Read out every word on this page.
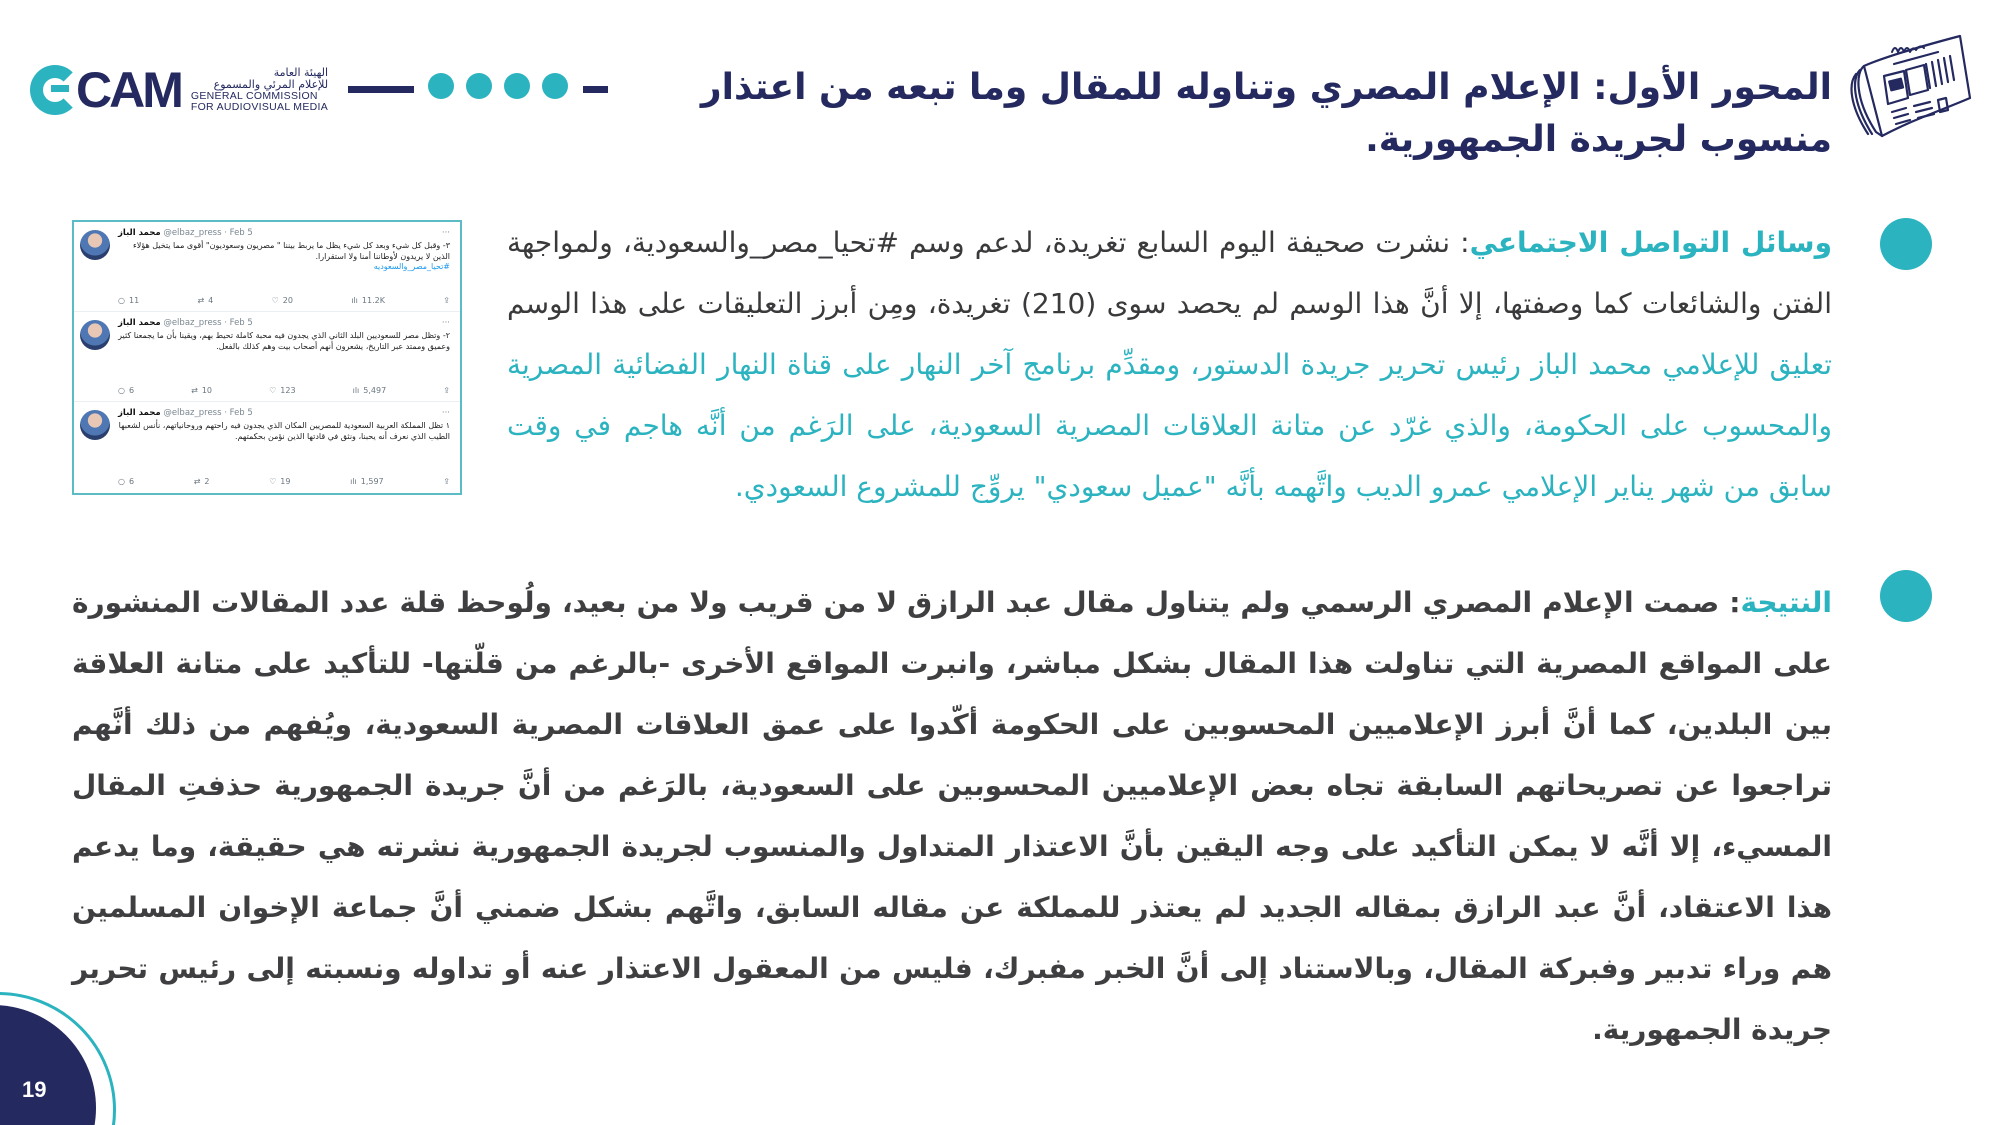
CAM	الهيئة العامة
للإعلام المرئي والمسموع
GENERAL COMMISSION
FOR AUDIOVISUAL MEDIA	المحور الأول: الإعلام المصري وتناوله للمقال وما تبعه من اعتذار منسوب لجريدة الجمهورية.

وسائل التواصل الاجتماعي: نشرت صحيفة اليوم السابع تغريدة، لدعم وسم #تحيا_مصر_والسعودية، ولمواجهة الفتن والشائعات كما وصفتها، إلا أنَّ هذا الوسم لم يحصد سوى (210) تغريدة، ومِن أبرز التعليقات على هذا الوسم تعليق للإعلامي محمد الباز رئيس تحرير جريدة الدستور، ومقدِّم برنامج آخر النهار على قناة النهار الفضائية المصرية والمحسوب على الحكومة، والذي غرّد عن متانة العلاقات المصرية السعودية، على الرَغم من أنَّه هاجم في وقت سابق من شهر يناير الإعلامي عمرو الديب واتَّهمه بأنَّه "عميل سعودي" يروِّج للمشروع السعودي.

محمد الباز @elbaz_press · Feb 5	···
٣- وقبل كل شيء وبعد كل شيء يظل ما يربط بيننا " مصريون وسعوديون" أقوى مما يتخيل هؤلاء الذين لا يريدون لأوطاننا أمنا ولا استقرارا.
#تحيا_مصر_والسعوديه
○ 11	⇄ 4	♡ 20	ılı 11.2K	⇪
محمد الباز @elbaz_press · Feb 5	···
٢- وتظل مصر للسعوديين البلد الثاني الذي يجدون فيه محبة كاملة تحيط بهم، ويقينا بأن ما يجمعنا كثير وعميق وممتد عبر التاريخ، يشعرون أنهم أصحاب بيت وهم كذلك بالفعل.
○ 6	⇄ 10	♡ 123	ılı 5,497	⇪
محمد الباز @elbaz_press · Feb 5	···
١ تظل المملكة العربية السعودية للمصريين المكان الذي يجدون فيه راحتهم وروحانياتهم، نأنس لشعبها الطيب الذي نعرف أنه يحبنا، ونثق في قادتها الذين نؤمن بحكمتهم.
○ 6	⇄ 2	♡ 19	ılı 1,597	⇪

النتيجة: صمت الإعلام المصري الرسمي ولم يتناول مقال عبد الرازق لا من قريب ولا من بعيد، ولُوحظ قلة عدد المقالات المنشورة على المواقع المصرية التي تناولت هذا المقال بشكل مباشر، وانبرت المواقع الأخرى -بالرغم من قلّتها- للتأكيد على متانة العلاقة بين البلدين، كما أنَّ أبرز الإعلاميين المحسوبين على الحكومة أكّدوا على عمق العلاقات المصرية السعودية، ويُفهم من ذلك أنَّهم تراجعوا عن تصريحاتهم السابقة تجاه بعض الإعلاميين المحسوبين على السعودية، بالرَغم من أنَّ جريدة الجمهورية حذفتِ المقال المسيء، إلا أنَّه لا يمكن التأكيد على وجه اليقين بأنَّ الاعتذار المتداول والمنسوب لجريدة الجمهورية نشرته هي حقيقة، وما يدعم هذا الاعتقاد، أنَّ عبد الرازق بمقاله الجديد لم يعتذر للمملكة عن مقاله السابق، واتَّهم بشكل ضمني أنَّ جماعة الإخوان المسلمين هم وراء تدبير وفبركة المقال، وبالاستناد إلى أنَّ الخبر مفبرك، فليس من المعقول الاعتذار عنه أو تداوله ونسبته إلى رئيس تحرير جريدة الجمهورية.

19
